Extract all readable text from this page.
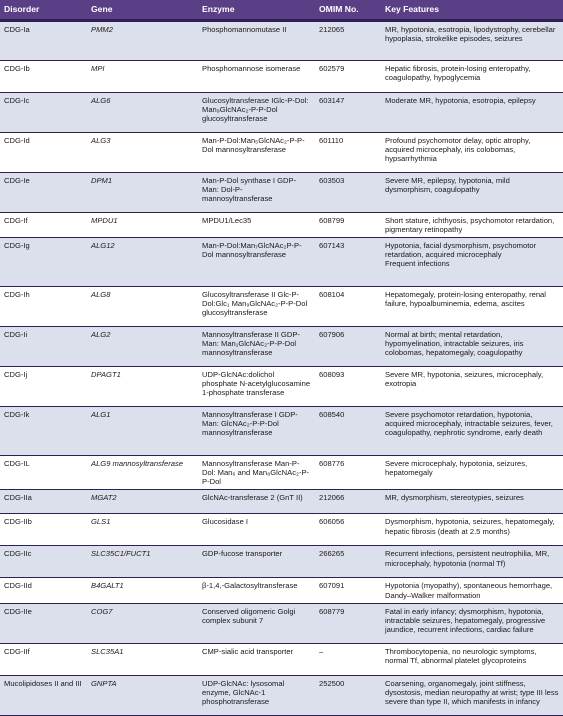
Disorder	Gene	Enzyme	OMIM No.	Key Features
CDG-Ia	PMM2	Phosphomannomutase II	212065	MR, hypotonia, esotropia, lipodystrophy, cerebellar hypoplasia, strokelike episodes, seizures
CDG-Ib	MPI	Phosphomannose isomerase	602579	Hepatic fibrosis, protein-losing enteropathy, coagulopathy, hypoglycemia
CDG-Ic	ALG6	Glucosyltransferase IGlc-P-Dol: Man₉GlcNAc₂-P-P-Dol glucosyltransferase	603147	Moderate MR, hypotonia, esotropia, epilepsy
CDG-Id	ALG3	Man-P-Dol:Man₅GlcNAc₂-P-P-Dol mannosyltransferase	601110	Profound psychomotor delay, optic atrophy, acquired microcephaly, iris colobomas, hypsarrhythmia
CDG-Ie	DPM1	Man-P-Dol synthase I GDP-Man: Dol-P-mannosyltransferase	603503	Severe MR, epilepsy, hypotonia, mild dysmorphism, coagulopathy
CDG-If	MPDU1	MPDU1/Lec35	608799	Short stature, ichthyosis, psychomotor retardation, pigmentary retinopathy
CDG-Ig	ALG12	Man-P-Dol:Man₇GlcNAc₂P-P-Dol mannosyltransferase	607143	Hypotonia, facial dysmorphism, psychomotor retardation, acquired microcephaly
Frequent infections
CDG-Ih	ALG8	Glucosyltransferase II Glc-P-Dol:Glc₁ Man₉GlcNAc₂-P-P-Dol glucosyltransferase	608104	Hepatomegaly, protein-losing enteropathy, renal failure, hypoalbuminemia, edema, ascites
CDG-Ii	ALG2	Mannosyltransferase II GDP-Man: Man₁GlcNAc₂-P-P-Dol mannosyltransferase	607906	Normal at birth; mental retardation, hypomyelination, intractable seizures, iris colobomas, hepatomegaly, coagulopathy
CDG-Ij	DPAGT1	UDP-GlcNAc:dolichol phosphate N-acetylglucosamine 1-phosphate transferase	608093	Severe MR, hypotonia, seizures, microcephaly, exotropia
CDG-Ik	ALG1	Mannosyltransferase I GDP-Man: GlcNAc₂-P-P-Dol mannosyltransferase	608540	Severe psychomotor retardation, hypotonia, acquired microcephaly, intractable seizures, fever, coagulopathy, nephrotic syndrome, early death
CDG-IL	ALG9 mannosyltransferase	Mannosyltransferase Man-P-Dol: Man₆ and Man₈GlcNAc₂-P-P-Dol	608776	Severe microcephaly, hypotonia, seizures, hepatomegaly
CDG-IIa	MGAT2	GlcNAc-transferase 2 (GnT II)	212066	MR, dysmorphism, stereotypies, seizures
CDG-IIb	GLS1	Glucosidase I	606056	Dysmorphism, hypotonia, seizures, hepatomegaly, hepatic fibrosis (death at 2.5 months)
CDG-IIc	SLC35C1/FUCT1	GDP-fucose transporter	266265	Recurrent infections, persistent neutrophilia, MR, microcephaly, hypotonia (normal Tf)
CDG-IId	B4GALT1	β-1,4,-Galactosyltransferase	607091	Hypotonia (myopathy), spontaneous hemorrhage, Dandy–Walker malformation
CDG-IIe	COG7	Conserved oligomeric Golgi complex subunit 7	608779	Fatal in early infancy; dysmorphism, hypotonia, intractable seizures, hepatomegaly, progressive jaundice, recurrent infections, cardiac failure
CDG-IIf	SLC35A1	CMP-sialic acid transporter	–	Thrombocytopenia, no neurologic symptoms, normal Tf, abnormal platelet glycoproteins
Mucolipidoses II and III	GNPTA	UDP-GlcNAc: lysosomal enzyme, GlcNAc-1 phosphotransferase	252500	Coarsening, organomegaly, joint stiffness, dysostosis, median neuropathy at wrist; type III less severe than type II, which manifests in infancy
